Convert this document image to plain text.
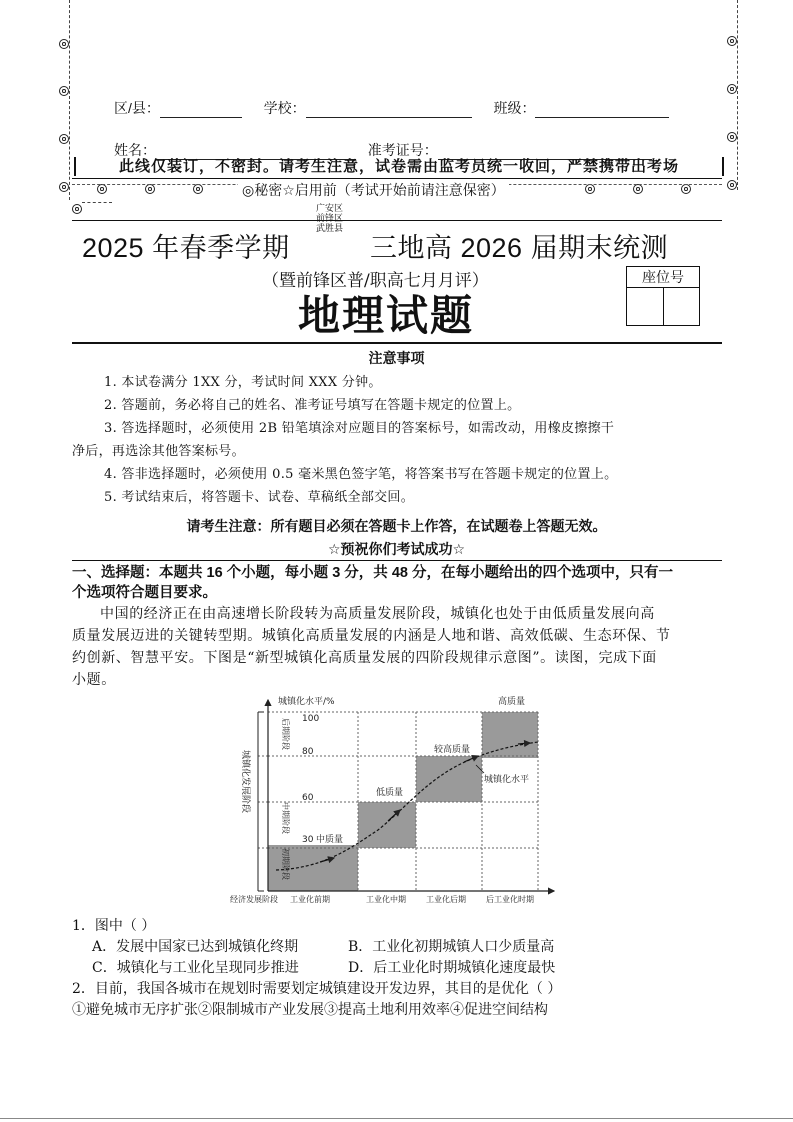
区/县：	学校：	班级：
姓名：	准考证号：
此线仅装订，不密封。请考生注意，试卷需由监考员统一收回，严禁携带出考场
◎秘密☆启用前（考试开始前请注意保密）
广安区
前锋区
武胜县
2025 年春季学期	三地高 2026 届期末统测
（暨前锋区普/职高七月月评）
地理试题
座位号
注意事项
1. 本试卷满分 1XX 分，考试时间 XXX 分钟。
2. 答题前，务必将自己的姓名、准考证号填写在答题卡规定的位置上。
3. 答选择题时，必须使用 2B 铅笔填涂对应题目的答案标号，如需改动，用橡皮擦擦干
净后，再选涂其他答案标号。
4. 答非选择题时，必须使用 0.5 毫米黑色签字笔，将答案书写在答题卡规定的位置上。
5. 考试结束后，将答题卡、试卷、草稿纸全部交回。
请考生注意：所有题目必须在答题卡上作答，在试题卷上答题无效。
☆预祝你们考试成功☆
一、选择题：本题共 16 个小题，每小题 3 分，共 48 分，在每小题给出的四个选项中，只有一
个选项符合题目要求。
中国的经济正在由高速增长阶段转为高质量发展阶段，城镇化也处于由低质量发展向高
质量发展迈进的关键转型期。城镇化高质量发展的内涵是人地和谐、高效低碳、生态环保、节
约创新、智慧平安。下图是“新型城镇化高质量发展的四阶段规律示意图”。读图，完成下面
小题。
城镇化水平/%	高质量
100
80
60
30 中质量
低质量
较高质量
城镇化水平
经济发展阶段 工业化前期	工业化中期	工业化后期	后工业化时期
城镇化发展阶段
初期阶段
中期阶段
后期阶段
1．图中（ ）
A．发展中国家已达到城镇化终期	B．工业化初期城镇人口少质量高
C．城镇化与工业化呈现同步推进	D．后工业化时期城镇化速度最快
2．目前，我国各城市在规划时需要划定城镇建设开发边界，其目的是优化（ ）
①避免城市无序扩张②限制城市产业发展③提高土地利用效率④促进空间结构
